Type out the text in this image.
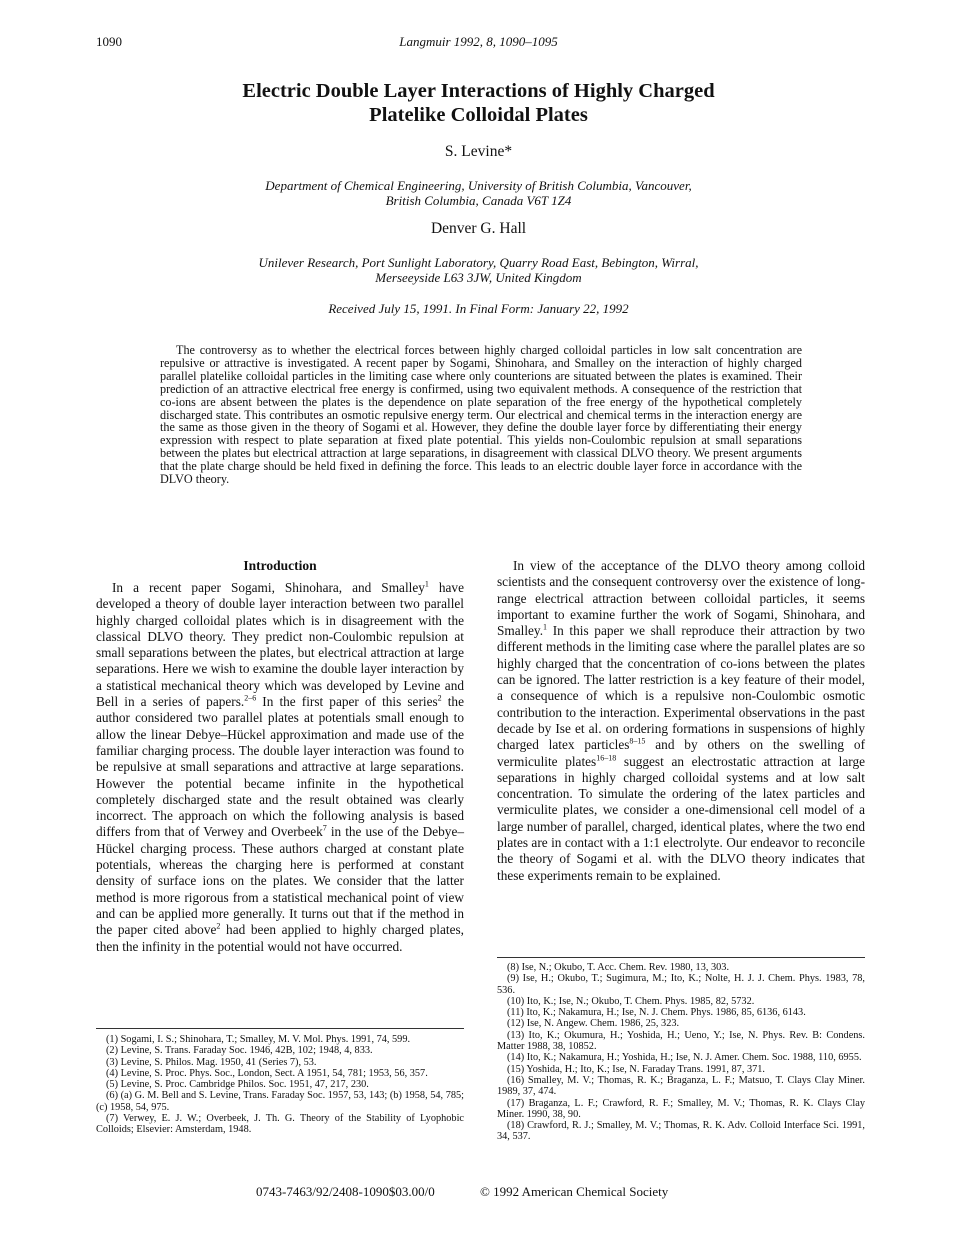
1090	Langmuir 1992, 8, 1090–1095
Electric Double Layer Interactions of Highly Charged
Platelike Colloidal Plates
S. Levine*
Department of Chemical Engineering, University of British Columbia, Vancouver,
British Columbia, Canada V6T 1Z4
Denver G. Hall
Unilever Research, Port Sunlight Laboratory, Quarry Road East, Bebington, Wirral,
Merseeyside L63 3JW, United Kingdom
Received July 15, 1991. In Final Form: January 22, 1992

The controversy as to whether the electrical forces between highly charged colloidal particles in low salt concentration are repulsive or attractive is investigated. A recent paper by Sogami, Shinohara, and Smalley on the interaction of highly charged parallel platelike colloidal particles in the limiting case where only counterions are situated between the plates is examined. Their prediction of an attractive electrical free energy is confirmed, using two equivalent methods. A consequence of the restriction that co-ions are absent between the plates is the dependence on plate separation of the free energy of the hypothetical completely discharged state. This contributes an osmotic repulsive energy term. Our electrical and chemical terms in the interaction energy are the same as those given in the theory of Sogami et al. However, they define the double layer force by differentiating their energy expression with respect to plate separation at fixed plate potential. This yields non-Coulombic repulsion at small separations between the plates but electrical attraction at large separations, in disagreement with classical DLVO theory. We present arguments that the plate charge should be held fixed in defining the force. This leads to an electric double layer force in accordance with the DLVO theory.

Introduction

In a recent paper Sogami, Shinohara, and Smalley$^1$ have developed a theory of double layer interaction between two parallel highly charged colloidal plates which is in disagreement with the classical DLVO theory. They predict non-Coulombic repulsion at small separations between the plates, but electrical attraction at large separations. Here we wish to examine the double layer interaction by a statistical mechanical theory which was developed by Levine and Bell in a series of papers.$^{2-6}$ In the first paper of this series$^2$ the author considered two parallel plates at potentials small enough to allow the linear Debye–Hückel approximation and made use of the familiar charging process. The double layer interaction was found to be repulsive at small separations and attractive at large separations. However the potential became infinite in the hypothetical completely discharged state and the result obtained was clearly incorrect. The approach on which the following analysis is based differs from that of Verwey and Overbeek$^7$ in the use of the Debye–Hückel charging process. These authors charged at constant plate potentials, whereas the charging here is performed at constant density of surface ions on the plates. We consider that the latter method is more rigorous from a statistical mechanical point of view and can be applied more generally. It turns out that if the method in the paper cited above$^2$ had been applied to highly charged plates, then the infinity in the potential would not have occurred.

In view of the acceptance of the DLVO theory among colloid scientists and the consequent controversy over the existence of long-range electrical attraction between colloidal particles, it seems important to examine further the work of Sogami, Shinohara, and Smalley.$^1$ In this paper we shall reproduce their attraction by two different methods in the limiting case where the parallel plates are so highly charged that the concentration of co-ions between the plates can be ignored. The latter restriction is a key feature of their model, a consequence of which is a repulsive non-Coulombic osmotic contribution to the interaction. Experimental observations in the past decade by Ise et al. on ordering formations in suspensions of highly charged latex particles$^{8-15}$ and by others on the swelling of vermiculite plates$^{16-18}$ suggest an electrostatic attraction at large separations in highly charged colloidal systems and at low salt concentration. To simulate the ordering of the latex particles and vermiculite plates, we consider a one-dimensional cell model of a large number of parallel, charged, identical plates, where the two end plates are in contact with a 1:1 electrolyte. Our endeavor to reconcile the theory of Sogami et al. with the DLVO theory indicates that these experiments remain to be explained.

(1) Sogami, I. S.; Shinohara, T.; Smalley, M. V. Mol. Phys. 1991, 74, 599.

(2) Levine, S. Trans. Faraday Soc. 1946, 42B, 102; 1948, 4, 833.

(3) Levine, S. Philos. Mag. 1950, 41 (Series 7), 53.

(4) Levine, S. Proc. Phys. Soc., London, Sect. A 1951, 54, 781; 1953, 56, 357.

(5) Levine, S. Proc. Cambridge Philos. Soc. 1951, 47, 217, 230.

(6) (a) G. M. Bell and S. Levine, Trans. Faraday Soc. 1957, 53, 143; (b) 1958, 54, 785; (c) 1958, 54, 975.

(7) Verwey, E. J. W.; Overbeek, J. Th. G. Theory of the Stability of Lyophobic Colloids; Elsevier: Amsterdam, 1948.

(8) Ise, N.; Okubo, T. Acc. Chem. Rev. 1980, 13, 303.

(9) Ise, H.; Okubo, T.; Sugimura, M.; Ito, K.; Nolte, H. J. J. Chem. Phys. 1983, 78, 536.

(10) Ito, K.; Ise, N.; Okubo, T. Chem. Phys. 1985, 82, 5732.

(11) Ito, K.; Nakamura, H.; Ise, N. J. Chem. Phys. 1986, 85, 6136, 6143.

(12) Ise, N. Angew. Chem. 1986, 25, 323.

(13) Ito, K.; Okumura, H.; Yoshida, H.; Ueno, Y.; Ise, N. Phys. Rev. B: Condens. Matter 1988, 38, 10852.

(14) Ito, K.; Nakamura, H.; Yoshida, H.; Ise, N. J. Amer. Chem. Soc. 1988, 110, 6955.

(15) Yoshida, H.; Ito, K.; Ise, N. Faraday Trans. 1991, 87, 371.

(16) Smalley, M. V.; Thomas, R. K.; Braganza, L. F.; Matsuo, T. Clays Clay Miner. 1989, 37, 474.

(17) Braganza, L. F.; Crawford, R. F.; Smalley, M. V.; Thomas, R. K. Clays Clay Miner. 1990, 38, 90.

(18) Crawford, R. J.; Smalley, M. V.; Thomas, R. K. Adv. Colloid Interface Sci. 1991, 34, 537.

0743-7463/92/2408-1090$03.00/0	© 1992 American Chemical Society
